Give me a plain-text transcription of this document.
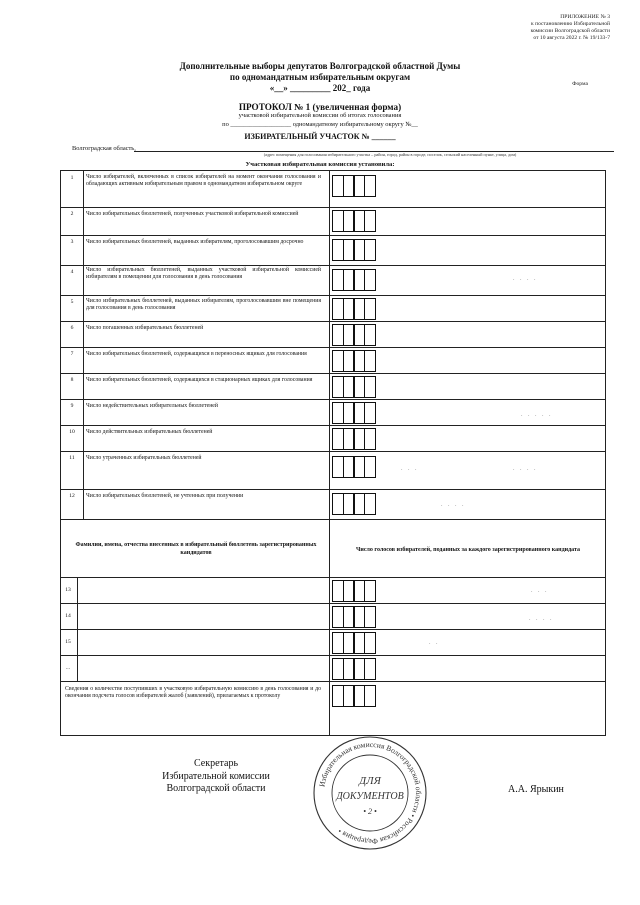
ПРИЛОЖЕНИЕ № 3
к постановлению Избирательной
комиссии Волгоградской области
от 10 августа 2022 г. № 19/133-7
Форма
Дополнительные выборы депутатов Волгоградской областной Думы
по одномандатным избирательным округам
«__» _________ 202_ года
ПРОТОКОЛ № 1 (увеличенная форма)
участковой избирательной комиссии об итогах голосования
по ___________________ одномандатному избирательному округу №__
ИЗБИРАТЕЛЬНЫЙ УЧАСТОК № ______
Волгоградская область,
(адрес помещения для голосования избирательного участка – район, город, район в городе, поселок, сельский населенный пункт, улица, дом)
Участковая избирательная комиссия установила:
1	Число избирателей, включенных в список избирателей на момент окончания голосования и обладающих активным избирательным правом в одномандатном избирательном округе
2	Число избирательных бюллетеней, полученных участковой избирательной комиссией
3	Число избирательных бюллетеней, выданных избирателям, проголосовавшим досрочно
4	Число избирательных бюллетеней, выданных участковой избирательной комиссией избирателям в помещении для голосования в день голосования	. . . .
5	Число избирательных бюллетеней, выданных избирателям, проголосовавшим вне помещения для голосования в день голосования
6	Число погашенных избирательных бюллетеней
7	Число избирательных бюллетеней, содержащихся в переносных ящиках для голосования
8	Число избирательных бюллетеней, содержащихся в стационарных ящиках для голосования
9	Число недействительных избирательных бюллетеней
. . . . .
10	Число действительных избирательных бюллетеней
11	Число утраченных избирательных бюллетеней
. . .	. . . .
12	Число избирательных бюллетеней, не учтенных при получении
. . . .
Фамилии, имена, отчества внесенных в избирательный бюллетень зарегистрированных кандидатов	Число голосов избирателей, поданных за каждого зарегистрированного кандидата
13	. . .
14	. . . .
15	. .
...
Сведения о количестве поступивших в участковую избирательную комиссию в день голосования и до окончания подсчета голосов избирателей жалоб (заявлений), прилагаемых к протоколу
Секретарь
Избирательной комиссии
Волгоградской области	А.А. Ярыкин
Избирательная комиссия Волгоградской области • Российская Федерация •
ДЛЯ
ДОКУМЕНТОВ
• 2 •
